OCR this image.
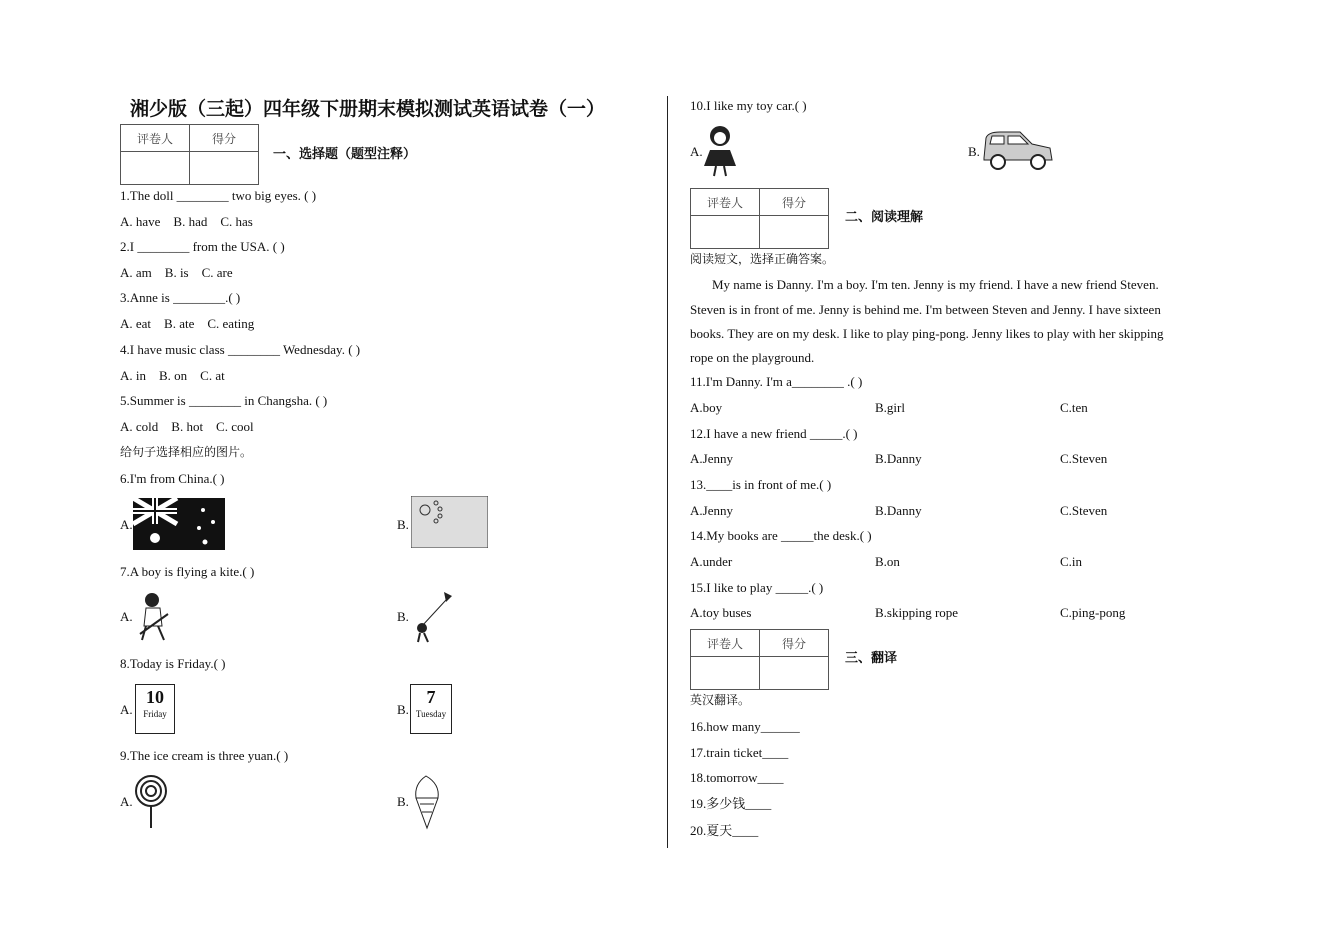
湘少版（三起）四年级下册期末模拟测试英语试卷（一）
评卷人	得分

一、选择题（题型注释）
1.The doll ________ two big eyes. ( )
A. have    B. had    C. has
2.I ________ from the USA. ( )
A. am    B. is    C. are
3.Anne is ________.( )
A. eat    B. ate    C. eating
4.I have music class ________ Wednesday. ( )
A. in    B. on    C. at
5.Summer is ________ in Changsha. ( )
A. cold    B. hot    C. cool
给句子选择相应的图片。
6.I'm from China.( )
A.	B.
7.A boy is flying a kite.( )
A.	B.
8.Today is Friday.( )
A.
10
Friday	B.
7
Tuesday
9.The ice cream is three yuan.( )
A.	B.
10.I like my toy car.( )
A.	B.
评卷人	得分

二、阅读理解
阅读短文，选择正确答案。
My name is Danny. I'm a boy. I'm ten. Jenny is my friend. I have a new friend Steven.
Steven is in front of me. Jenny is behind me. I'm between Steven and Jenny. I have sixteen
books. They are on my desk. I like to play ping-pong. Jenny likes to play with her skipping
rope on the playground.
11.I'm Danny. I'm a________ .( )
A.boy	B.girl	C.ten
12.I have a new friend _____.( )
A.Jenny	B.Danny	C.Steven
13.____is in front of me.( )
A.Jenny	B.Danny	C.Steven
14.My books are _____the desk.( )
A.under	B.on	C.in
15.I like to play _____.( )
A.toy buses	B.skipping rope	C.ping-pong
评卷人	得分

三、翻译
英汉翻译。
16.how many______
17.train ticket____
18.tomorrow____
19.多少钱____
20.夏天____
